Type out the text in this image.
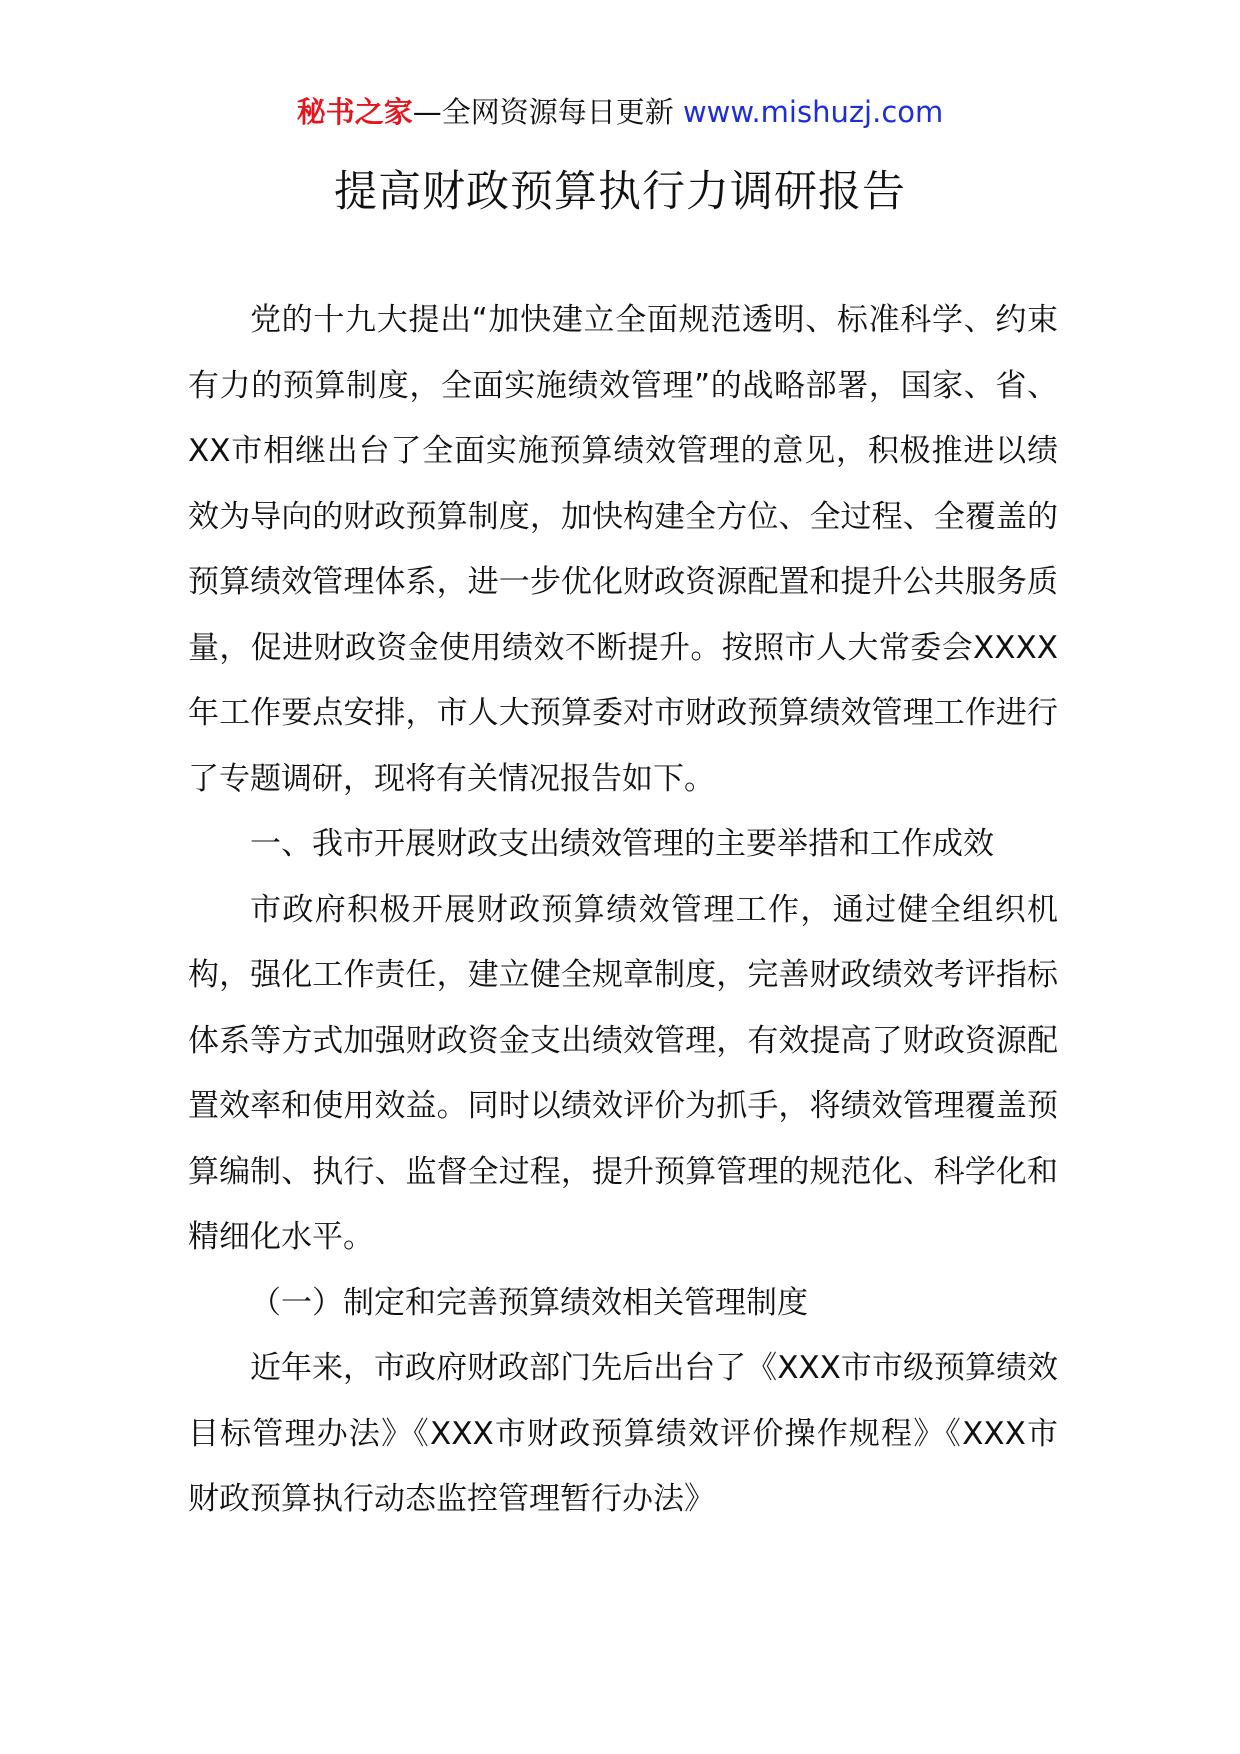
秘书之家—全网资源每日更新 www.mishuzj.com
提高财政预算执行力调研报告

党的十九大提出“加快建立全面规范透明、标准科学、约束有力的预算制度，全面实施绩效管理”的战略部署，国家、省、XX市相继出台了全面实施预算绩效管理的意见，积极推进以绩效为导向的财政预算制度，加快构建全方位、全过程、全覆盖的预算绩效管理体系，进一步优化财政资源配置和提升公共服务质量，促进财政资金使用绩效不断提升。按照市人大常委会XXXX年工作要点安排，市人大预算委对市财政预算绩效管理工作进行了专题调研，现将有关情况报告如下。

一、我市开展财政支出绩效管理的主要举措和工作成效

市政府积极开展财政预算绩效管理工作，通过健全组织机构，强化工作责任，建立健全规章制度，完善财政绩效考评指标体系等方式加强财政资金支出绩效管理，有效提高了财政资源配置效率和使用效益。同时以绩效评价为抓手，将绩效管理覆盖预算编制、执行、监督全过程，提升预算管理的规范化、科学化和精细化水平。

（一）制定和完善预算绩效相关管理制度

近年来，市政府财政部门先后出台了《XXX市市级预算绩效目标管理办法》《XXX市财政预算绩效评价操作规程》《XXX市财政预算执行动态监控管理暂行办法》
